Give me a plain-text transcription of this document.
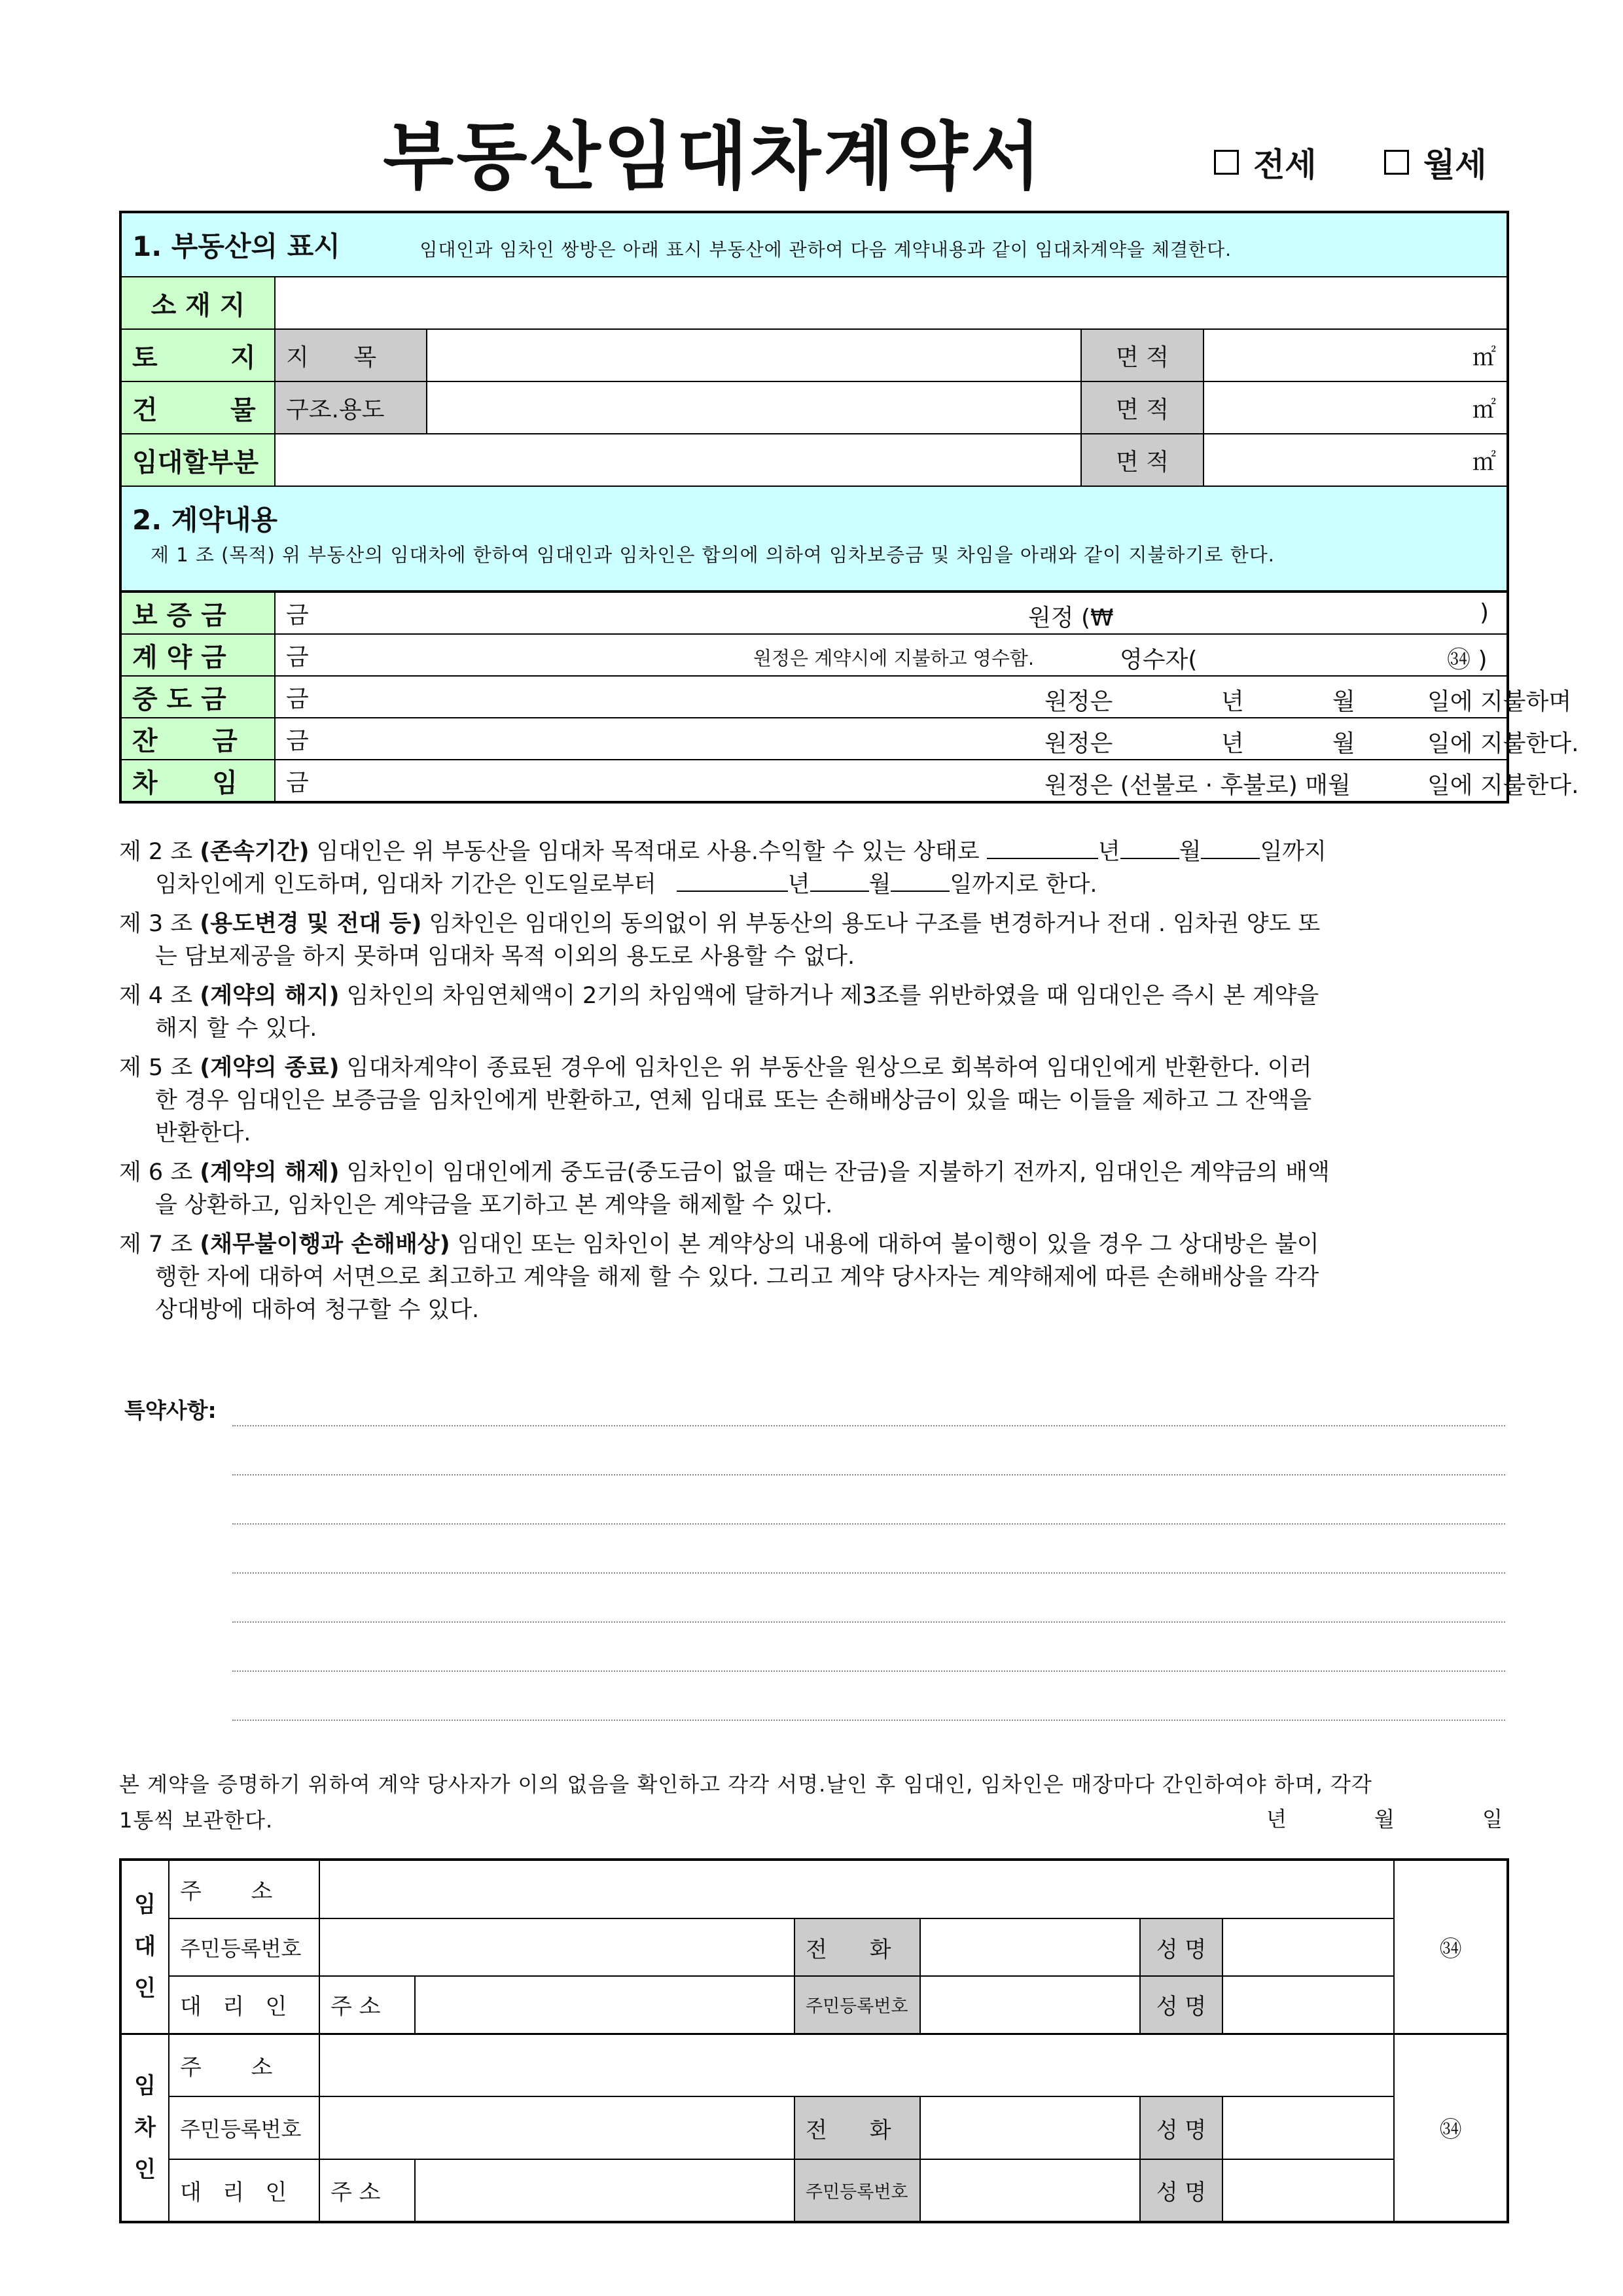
부동산임대차계약서	전세	월세
1. 부동산의 표시 임대인과 임차인 쌍방은 아래 표시 부동산에 관하여 다음 계약내용과 같이 임대차계약을 체결한다.				
소 재 지				
토        지	지      목		면 적	㎡
건        물	구조.용도		면 적	㎡
임대할부분			면 적	㎡

2. 계약내용
제 1 조 (목적) 위 부동산의 임대차에 한하여 임대인과 임차인은 합의에 의하여 임차보증금 및 차임을 아래와 같이 지불하기로 한다.				
보 증 금	금 원정 (₩ )

계 약 금	금 원정은 계약시에 지불하고 영수함. 영수자( ㉞ )

중 도 금	금 원정은 년 월 일에 지불하며

잔      금	금 원정은 년 월 일에 지불한다.

차      임	금 원정은 (선불로 · 후불로) 매월 일에 지불한다.
제 2 조 (존속기간) 임대인은 위 부동산을 임대차 목적대로 사용.수익할 수 있는 상태로	년	월	일까지
임차인에게 인도하며, 임대차 기간은 인도일로부터	년	월	일까지로 한다.
제 3 조 (용도변경 및 전대 등) 임차인은 임대인의 동의없이 위 부동산의 용도나 구조를 변경하거나 전대 . 임차권 양도 또
는 담보제공을 하지 못하며 임대차 목적 이외의 용도로 사용할 수 없다.
제 4 조 (계약의 해지) 임차인의 차임연체액이 2기의 차임액에 달하거나 제3조를 위반하였을 때 임대인은 즉시 본 계약을
해지 할 수 있다.
제 5 조 (계약의 종료) 임대차계약이 종료된 경우에 임차인은 위 부동산을 원상으로 회복하여 임대인에게 반환한다. 이러
한 경우 임대인은 보증금을 임차인에게 반환하고, 연체 임대료 또는 손해배상금이 있을 때는 이들을 제하고 그 잔액을
반환한다.
제 6 조 (계약의 해제) 임차인이 임대인에게 중도금(중도금이 없을 때는 잔금)을 지불하기 전까지, 임대인은 계약금의 배액
을 상환하고, 임차인은 계약금을 포기하고 본 계약을 해제할 수 있다.
제 7 조 (채무불이행과 손해배상) 임대인 또는 임차인이 본 계약상의 내용에 대하여 불이행이 있을 경우 그 상대방은 불이
행한 자에 대하여 서면으로 최고하고 계약을 해제 할 수 있다. 그리고 계약 당사자는 계약해제에 따른 손해배상을 각각
상대방에 대하여 청구할 수 있다.
특약사항:
본 계약을 증명하기 위하여 계약 당사자가 이의 없음을 확인하고 각각 서명.날인 후 임대인, 임차인은 매장마다 간인하여야 하며, 각각
1통씩 보관한다.	년	월	일
임
대
인	주       소							㉞
	주민등록번호			전      화		성 명		
	대   리   인	주 소		주민등록번호		성 명		
임
차
인	주       소							㉞
	주민등록번호			전      화		성 명		
	대   리   인	주 소		주민등록번호		성 명		
